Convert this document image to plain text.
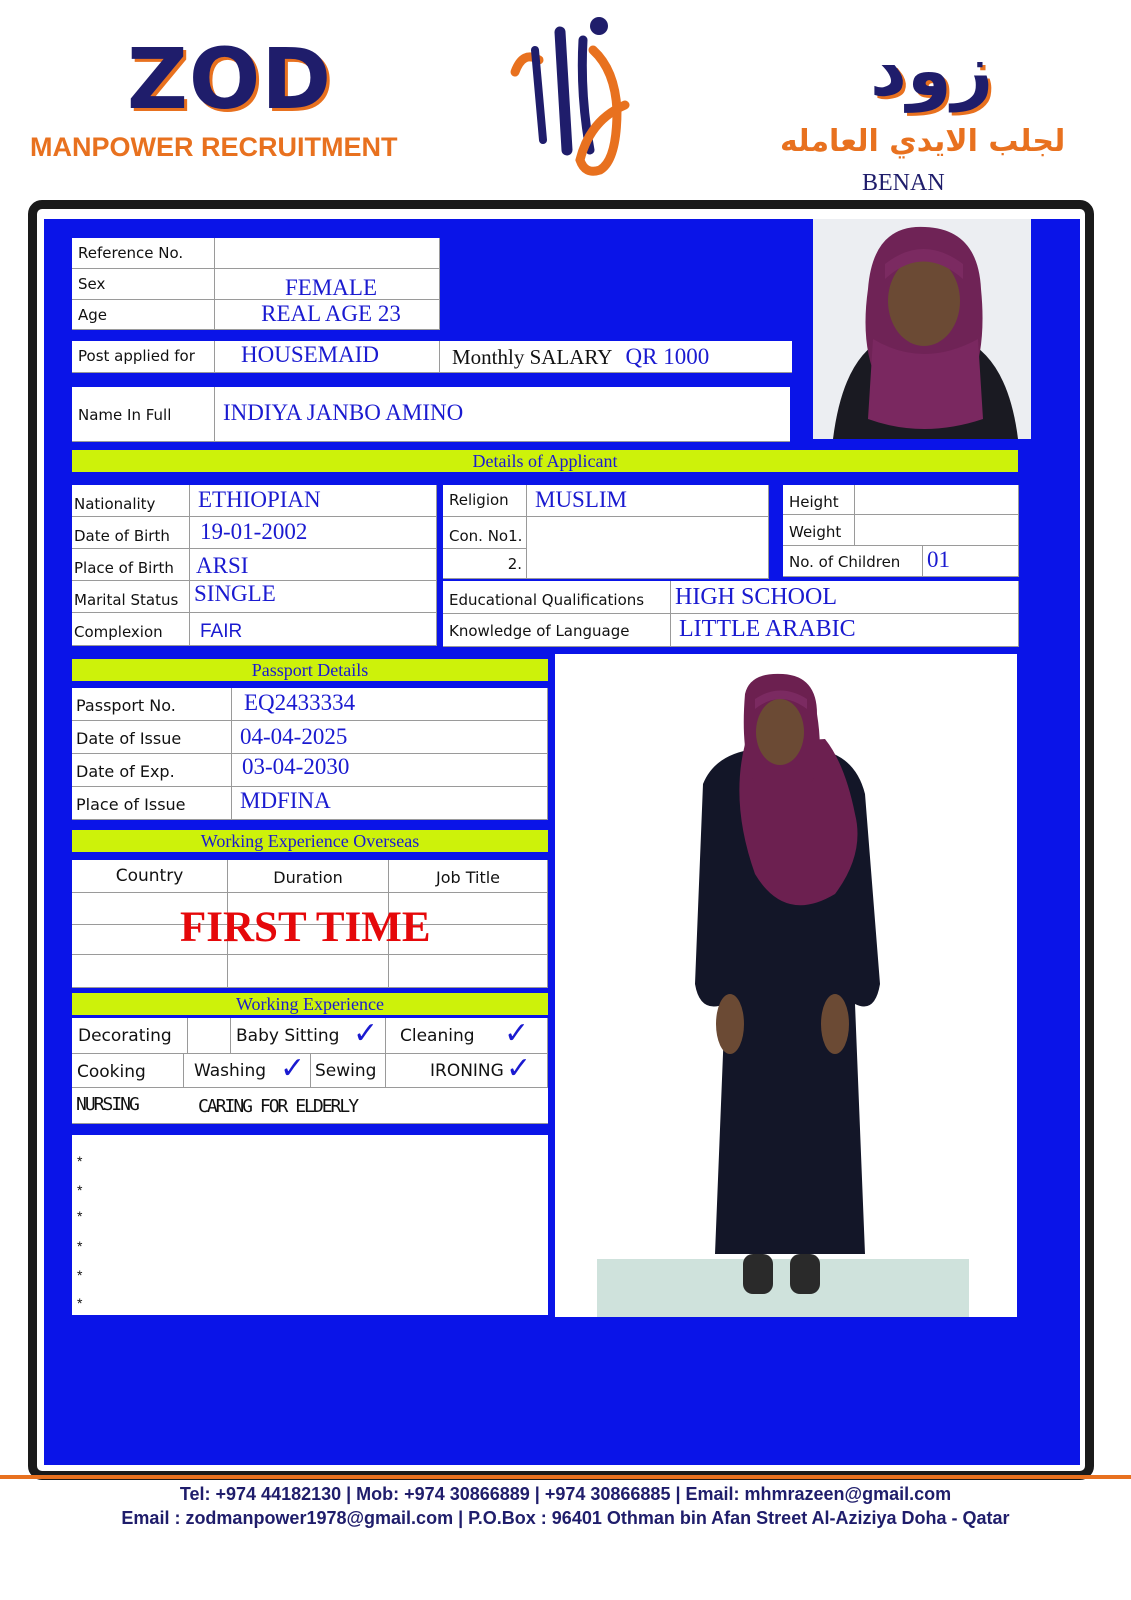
ZOD
MANPOWER RECRUITMENT
زود
لجلب الايدي العامله
BENAN
Reference No.
Sex	FEMALE
Age	REAL AGE 23
Post applied for	HOUSEMAID	Monthly SALARY QR 1000
Name In Full	INDIYA JANBO AMINO
Details of Applicant
Nationality	ETHIOPIAN
Date of Birth	19-01-2002
Place of Birth ARSI
Marital Status SINGLE
Complexion	FAIR
Religion	MUSLIM
Con. No1.
2.
Height
Weight
No. of Children	01
Educational Qualifications	HIGH SCHOOL
Knowledge of Language	LITTLE ARABIC
Passport Details
Passport No.	EQ2433334
Date of Issue	04-04-2025
Date of Exp.	03-04-2030
Place of Issue	MDFINA
Working Experience Overseas
Country	Duration	Job Title
FIRST TIME
Working Experience
Decorating	Baby Sitting ✓	Cleaning ✓
Cooking	Washing ✓ Sewing	IRONING ✓
NURSING	CARING FOR ELDERLY
*
*
*
*
*
*
Tel: +974 44182130 | Mob: +974 30866889 | +974 30866885 | Email: mhmrazeen@gmail.com
Email : zodmanpower1978@gmail.com | P.O.Box : 96401 Othman bin Afan Street Al-Aziziya Doha - Qatar
